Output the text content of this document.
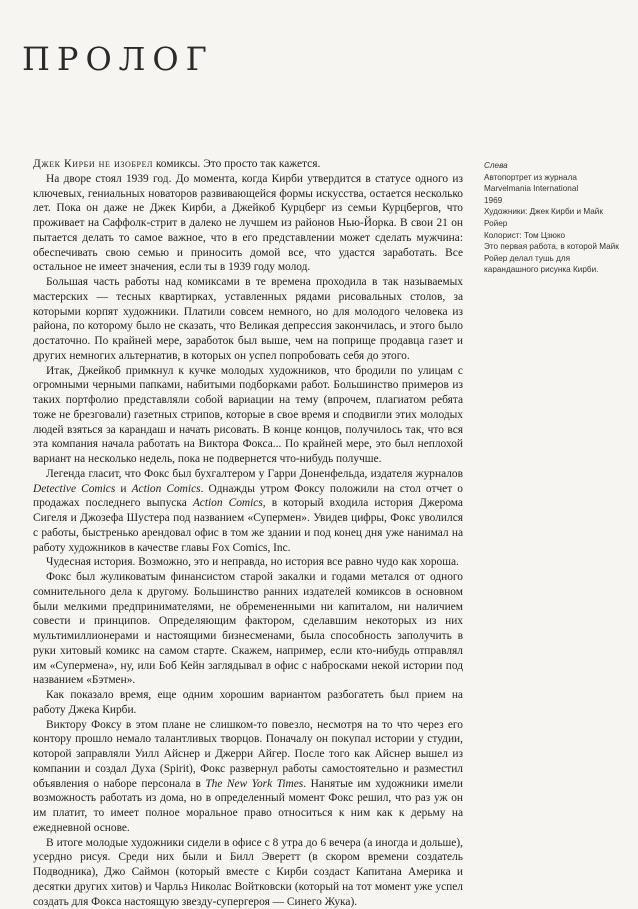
ПРОЛОГ

Джек Кирби не изобрел комиксы. Это просто так кажется.

На дворе стоял 1939 год. До момента, когда Кирби утвердится в статусе одного из ключевых, гениальных новаторов развивающейся формы искусства, остается несколько лет. Пока он даже не Джек Кирби, а Джейкоб Курцберг из семьи Курцбергов, что проживает на Саффолк-стрит в далеко не лучшем из районов Нью-Йорка. В свои 21 он пытается делать то самое важное, что в его представлении может сделать мужчина: обеспечивать свою семью и приносить домой все, что удастся заработать. Все остальное не имеет значения, если ты в 1939 году молод.

Большая часть работы над комиксами в те времена проходила в так называемых мастерских — тесных квартирках, уставленных рядами рисовальных столов, за которыми корпят художники. Платили совсем немного, но для молодого человека из района, по которому было не сказать, что Великая депрессия закончилась, и этого было достаточно. По крайней мере, заработок был выше, чем на поприще продавца газет и других немногих альтернатив, в которых он успел попробовать себя до этого.

Итак, Джейкоб примкнул к кучке молодых художников, что бродили по улицам с огромными черными папками, набитыми подборками работ. Большинство примеров из таких портфолио представляли собой вариации на тему (впрочем, плагиатом ребята тоже не брезговали) газетных стрипов, которые в свое время и сподвигли этих молодых людей взяться за карандаш и начать рисовать. В конце концов, получилось так, что вся эта компания начала работать на Виктора Фокса... По крайней мере, это был неплохой вариант на несколько недель, пока не подвернется что-нибудь получше.

Легенда гласит, что Фокс был бухгалтером у Гарри Доненфельда, издателя журналов Detective Comics и Action Comics. Однажды утром Фоксу положили на стол отчет о продажах последнего выпуска Action Comics, в который входила история Джерома Сигеля и Джозефа Шустера под названием «Супермен». Увидев цифры, Фокс уволился с работы, быстренько арендовал офис в том же здании и под конец дня уже нанимал на работу художников в качестве главы Fox Comics, Inc.

Чудесная история. Возможно, это и неправда, но история все равно чудо как хороша.

Фокс был жуликоватым финансистом старой закалки и годами метался от одного сомнительного дела к другому. Большинство ранних издателей комиксов в основном были мелкими предпринимателями, не обремененными ни капиталом, ни наличием совести и принципов. Определяющим фактором, сделавшим некоторых из них мультимиллионерами и настоящими бизнесменами, была способность заполучить в руки хитовый комикс на самом старте. Скажем, например, если кто-нибудь отправлял им «Супермена», ну, или Боб Кейн заглядывал в офис с набросками некой истории под названием «Бэтмен».

Как показало время, еще одним хорошим вариантом разбогатеть был прием на работу Джека Кирби.

Виктору Фоксу в этом плане не слишком-то повезло, несмотря на то что через его контору прошло немало талантливых творцов. Поначалу он покупал истории у студии, которой заправляли Уилл Айснер и Джерри Айгер. После того как Айснер вышел из компании и создал Духа (Spirit), Фокс развернул работы самостоятельно и разместил объявления о наборе персонала в The New York Times. Нанятые им художники имели возможность работать из дома, но в определенный момент Фокс решил, что раз уж он им платит, то имеет полное моральное право относиться к ним как к дерьму на ежедневной основе.

В итоге молодые художники сидели в офисе с 8 утра до 6 вечера (а иногда и дольше), усердно рисуя. Среди них были и Билл Эверетт (в скором времени создатель Подводника), Джо Саймон (который вместе с Кирби создаст Капитана Америка и десятки других хитов) и Чарльз Николас Войтковски (который на тот момент уже успел создать для Фокса настоящую звезду-супергероя — Синего Жука).

Слева
Автопортрет из журнала Marvelmania International
1969
Художники: Джек Кирби и Майк Ройер
Колорист: Том Цзюко
Это первая работа, в которой Майк Ройер делал тушь для карандашного рисунка Кирби.
